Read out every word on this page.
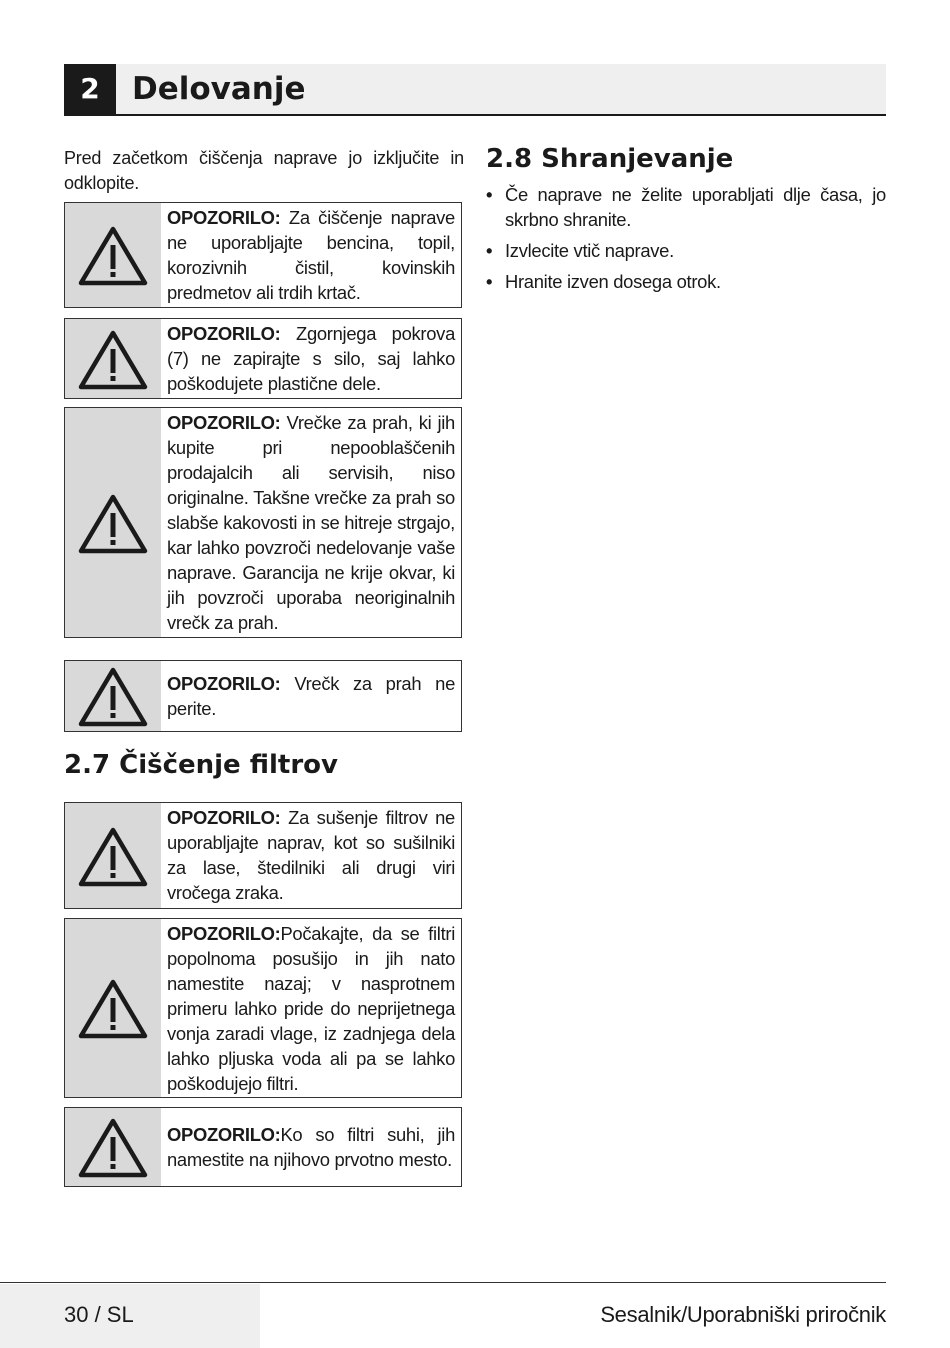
2	Delovanje

Pred začetkom čiščenja naprave jo izključite in odklopite.

OPOZORILO: Za čiščenje naprave ne uporabljajte bencina, topil, korozivnih čistil, kovinskih predmetov ali trdih krtač.
OPOZORILO: Zgornjega pokrova (7) ne zapirajte s silo, saj lahko poškodujete plastične dele.
OPOZORILO: Vrečke za prah, ki jih kupite pri nepooblaščenih prodajalcih ali servisih, niso originalne. Takšne vrečke za prah so slabše kakovosti in se hitreje strgajo, kar lahko povzroči nedelovanje vaše naprave. Garancija ne krije okvar, ki jih povzroči uporaba neoriginalnih vrečk za prah.
OPOZORILO: Vrečk za prah ne perite.
2.7 Čiščenje filtrov
OPOZORILO: Za sušenje filtrov ne uporabljajte naprav, kot so sušilniki za lase, štedilniki ali drugi viri vročega zraka.
OPOZORILO:Počakajte, da se filtri popolnoma posušijo in jih nato namestite nazaj; v nasprotnem primeru lahko pride do neprijetnega vonja zaradi vlage, iz zadnjega dela lahko pljuska voda ali pa se lahko poškodujejo filtri.
OPOZORILO:Ko so filtri suhi, jih namestite na njihovo prvotno mesto.
2.8 Shranjevanje
• Če naprave ne želite uporabljati dlje časa, jo skrbno shranite.
• Izvlecite vtič naprave.
• Hranite izven dosega otrok.
30 / SL	Sesalnik/Uporabniški priročnik
